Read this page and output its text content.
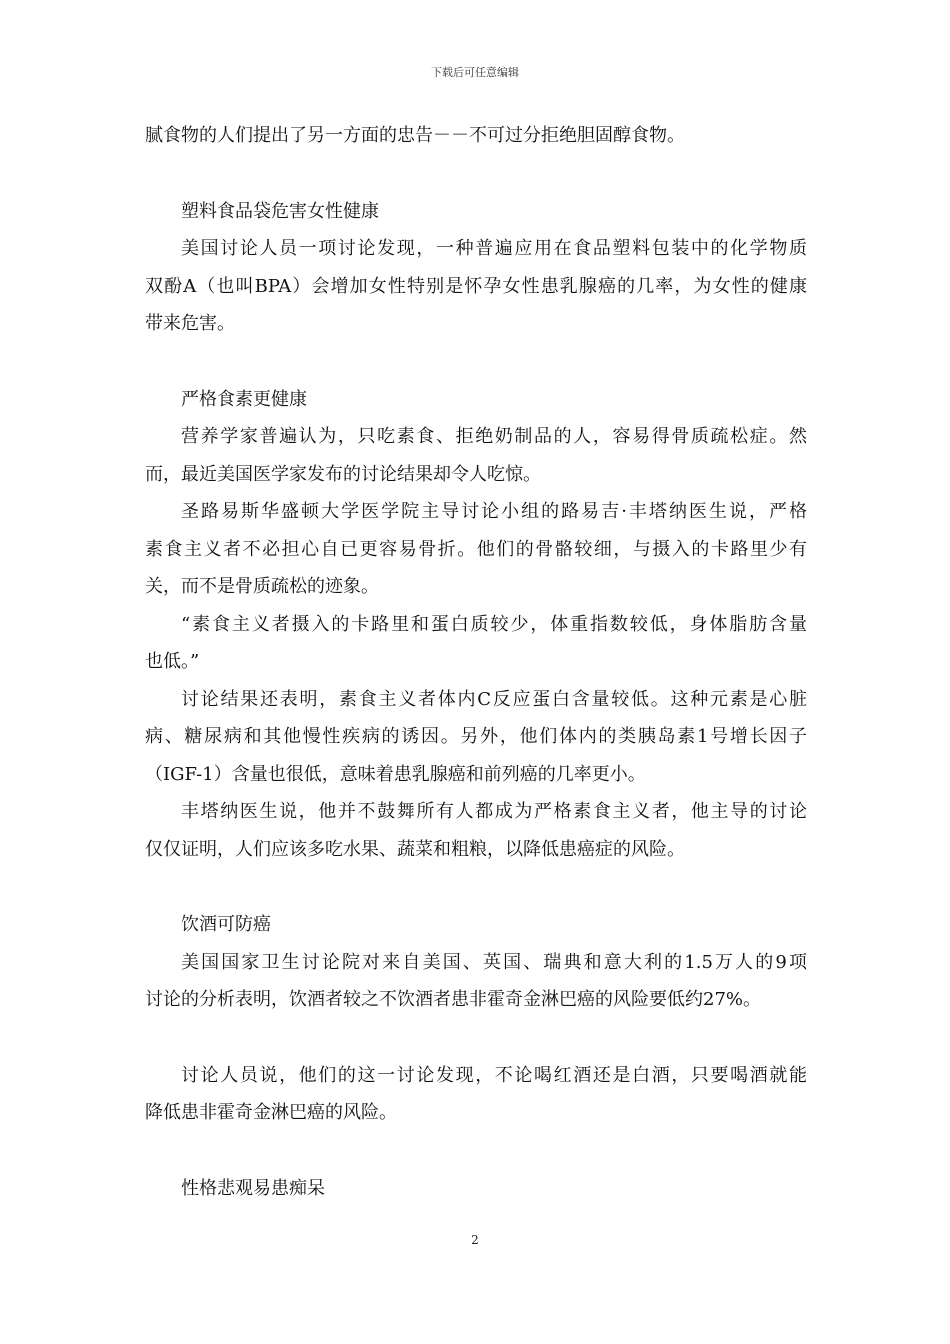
下载后可任意编辑
腻食物的人们提出了另一方面的忠告－－不可过分拒绝胆固醇食物。
塑料食品袋危害女性健康
美国讨论人员一项讨论发现，一种普遍应用在食品塑料包装中的化学物质
双酚A（也叫BPA）会增加女性特别是怀孕女性患乳腺癌的几率，为女性的健康
带来危害。
严格食素更健康
营养学家普遍认为，只吃素食、拒绝奶制品的人，容易得骨质疏松症。然
而，最近美国医学家发布的讨论结果却令人吃惊。
圣路易斯华盛顿大学医学院主导讨论小组的路易吉·丰塔纳医生说，严格
素食主义者不必担心自已更容易骨折。他们的骨骼较细，与摄入的卡路里少有
关，而不是骨质疏松的迹象。
“素食主义者摄入的卡路里和蛋白质较少，体重指数较低，身体脂肪含量
也低。”
讨论结果还表明，素食主义者体内C反应蛋白含量较低。这种元素是心脏
病、糖尿病和其他慢性疾病的诱因。另外，他们体内的类胰岛素1号增长因子
（IGF-1）含量也很低，意味着患乳腺癌和前列癌的几率更小。
丰塔纳医生说，他并不鼓舞所有人都成为严格素食主义者，他主导的讨论
仅仅证明，人们应该多吃水果、蔬菜和粗粮，以降低患癌症的风险。
饮酒可防癌
美国国家卫生讨论院对来自美国、英国、瑞典和意大利的1.5万人的9项
讨论的分析表明，饮酒者较之不饮酒者患非霍奇金淋巴癌的风险要低约27%。
讨论人员说，他们的这一讨论发现，不论喝红酒还是白酒，只要喝酒就能
降低患非霍奇金淋巴癌的风险。
性格悲观易患痴呆
2
